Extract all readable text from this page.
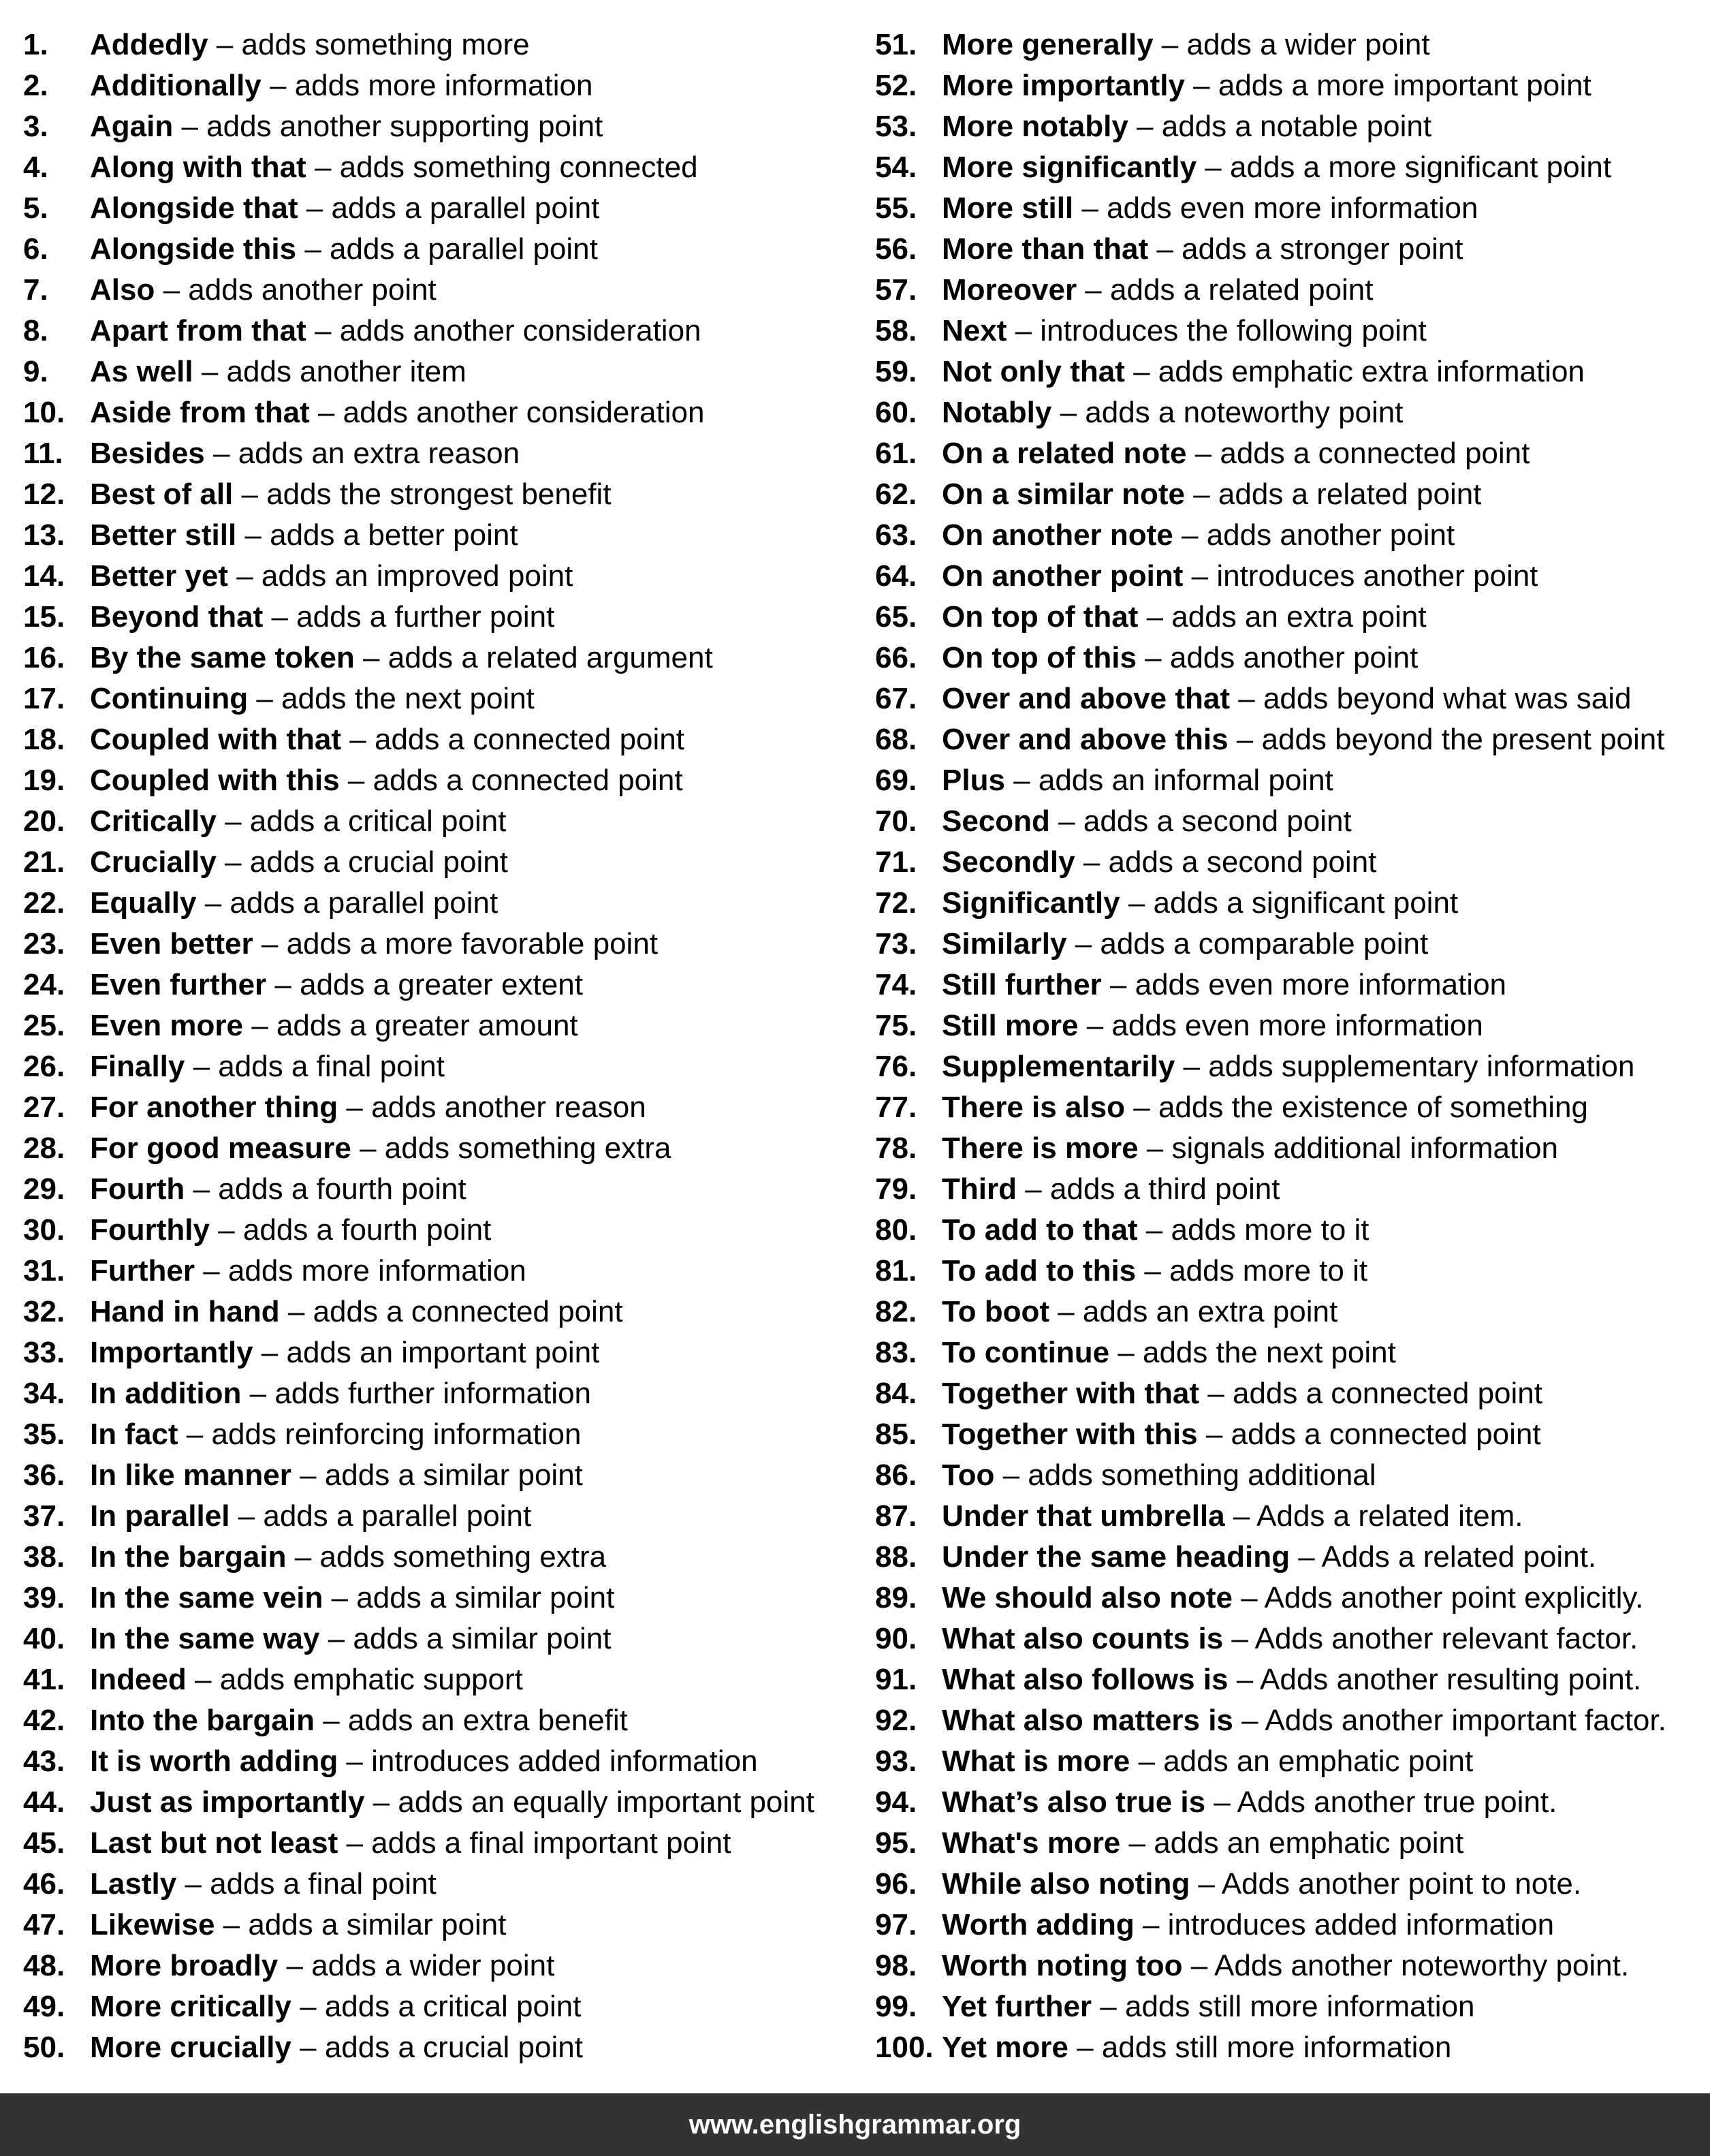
1. Addedly – adds something more
2. Additionally – adds more information
3. Again – adds another supporting point
4. Along with that – adds something connected
5. Alongside that – adds a parallel point
6. Alongside this – adds a parallel point
7. Also – adds another point
8. Apart from that – adds another consideration
9. As well – adds another item
10. Aside from that – adds another consideration
11. Besides – adds an extra reason
12. Best of all – adds the strongest benefit
13. Better still – adds a better point
14. Better yet – adds an improved point
15. Beyond that – adds a further point
16. By the same token – adds a related argument
17. Continuing – adds the next point
18. Coupled with that – adds a connected point
19. Coupled with this – adds a connected point
20. Critically – adds a critical point
21. Crucially – adds a crucial point
22. Equally – adds a parallel point
23. Even better – adds a more favorable point
24. Even further – adds a greater extent
25. Even more – adds a greater amount
26. Finally – adds a final point
27. For another thing – adds another reason
28. For good measure – adds something extra
29. Fourth – adds a fourth point
30. Fourthly – adds a fourth point
31. Further – adds more information
32. Hand in hand – adds a connected point
33. Importantly – adds an important point
34. In addition – adds further information
35. In fact – adds reinforcing information
36. In like manner – adds a similar point
37. In parallel – adds a parallel point
38. In the bargain – adds something extra
39. In the same vein – adds a similar point
40. In the same way – adds a similar point
41. Indeed – adds emphatic support
42. Into the bargain – adds an extra benefit
43. It is worth adding – introduces added information
44. Just as importantly – adds an equally important point
45. Last but not least – adds a final important point
46. Lastly – adds a final point
47. Likewise – adds a similar point
48. More broadly – adds a wider point
49. More critically – adds a critical point
50. More crucially – adds a crucial point
51. More generally – adds a wider point
52. More importantly – adds a more important point
53. More notably – adds a notable point
54. More significantly – adds a more significant point
55. More still – adds even more information
56. More than that – adds a stronger point
57. Moreover – adds a related point
58. Next – introduces the following point
59. Not only that – adds emphatic extra information
60. Notably – adds a noteworthy point
61. On a related note – adds a connected point
62. On a similar note – adds a related point
63. On another note – adds another point
64. On another point – introduces another point
65. On top of that – adds an extra point
66. On top of this – adds another point
67. Over and above that – adds beyond what was said
68. Over and above this – adds beyond the present point
69. Plus – adds an informal point
70. Second – adds a second point
71. Secondly – adds a second point
72. Significantly – adds a significant point
73. Similarly – adds a comparable point
74. Still further – adds even more information
75. Still more – adds even more information
76. Supplementarily – adds supplementary information
77. There is also – adds the existence of something
78. There is more – signals additional information
79. Third – adds a third point
80. To add to that – adds more to it
81. To add to this – adds more to it
82. To boot – adds an extra point
83. To continue – adds the next point
84. Together with that – adds a connected point
85. Together with this – adds a connected point
86. Too – adds something additional
87. Under that umbrella – Adds a related item.
88. Under the same heading – Adds a related point.
89. We should also note – Adds another point explicitly.
90. What also counts is – Adds another relevant factor.
91. What also follows is – Adds another resulting point.
92. What also matters is – Adds another important factor.
93. What is more – adds an emphatic point
94. What’s also true is – Adds another true point.
95. What's more – adds an emphatic point
96. While also noting – Adds another point to note.
97. Worth adding – introduces added information
98. Worth noting too – Adds another noteworthy point.
99. Yet further – adds still more information
100. Yet more – adds still more information
www.englishgrammar.org
